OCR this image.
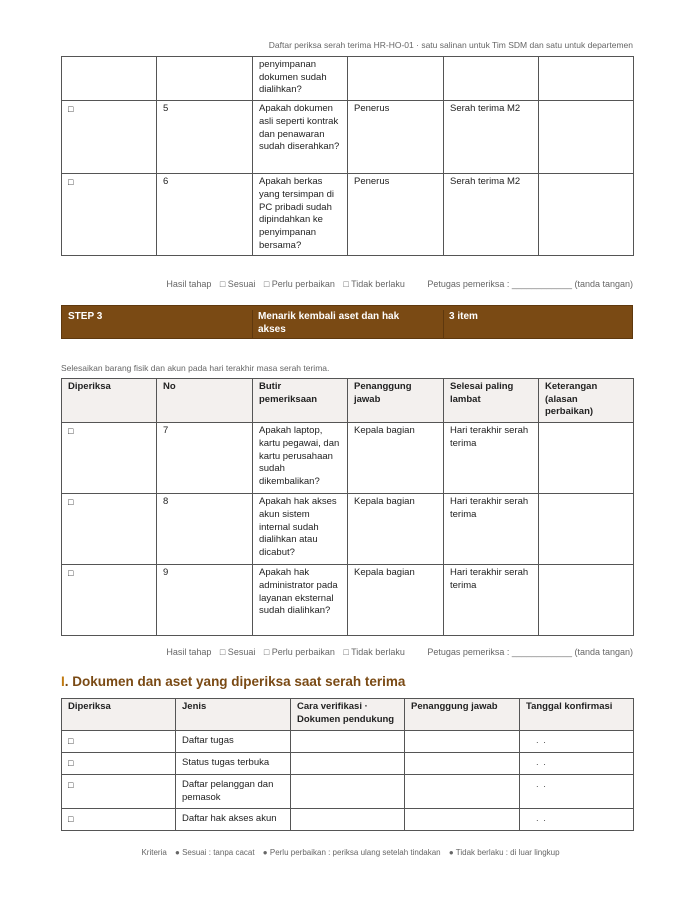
Daftar periksa serah terima HR-HO-01 · satu salinan untuk Tim SDM dan satu untuk departemen
		penyimpanan dokumen sudah dialihkan?			
□	5	Apakah dokumen asli seperti kontrak dan penawaran sudah diserahkan?	Penerus	Serah terima M2	
□	6	Apakah berkas yang tersimpan di PC pribadi sudah dipindahkan ke penyimpanan bersama?	Penerus	Serah terima M2	
Hasil tahap □ Sesuai □ Perlu perbaikan □ Tidak berlaku	Petugas pemeriksa : ____________ (tanda tangan)
STEP 3	Menarik kembali aset dan hak akses
3 item
Selesaikan barang fisik dan akun pada hari terakhir masa serah terima.
Diperiksa	No	Butir pemeriksaan	Penanggung jawab	Selesai paling lambat	Keterangan (alasan perbaikan)
□	7	Apakah laptop, kartu pegawai, dan kartu perusahaan sudah dikembalikan?	Kepala bagian	Hari terakhir serah terima	
□	8	Apakah hak akses akun sistem internal sudah dialihkan atau dicabut?	Kepala bagian	Hari terakhir serah terima	
□	9	Apakah hak administrator pada layanan eksternal sudah dialihkan?	Kepala bagian	Hari terakhir serah terima	
Hasil tahap □ Sesuai □ Perlu perbaikan □ Tidak berlaku	Petugas pemeriksa : ____________ (tanda tangan)
I. Dokumen dan aset yang diperiksa saat serah terima
Diperiksa	Jenis	Cara verifikasi · Dokumen pendukung	Penanggung jawab	Tanggal konfirmasi
□	Daftar tugas			. .
□	Status tugas terbuka			. .
□	Daftar pelanggan dan pemasok			. .
□	Daftar hak akses akun			. .
Kriteria ● Sesuai : tanpa cacat ● Perlu perbaikan : periksa ulang setelah tindakan ● Tidak berlaku : di luar lingkup
